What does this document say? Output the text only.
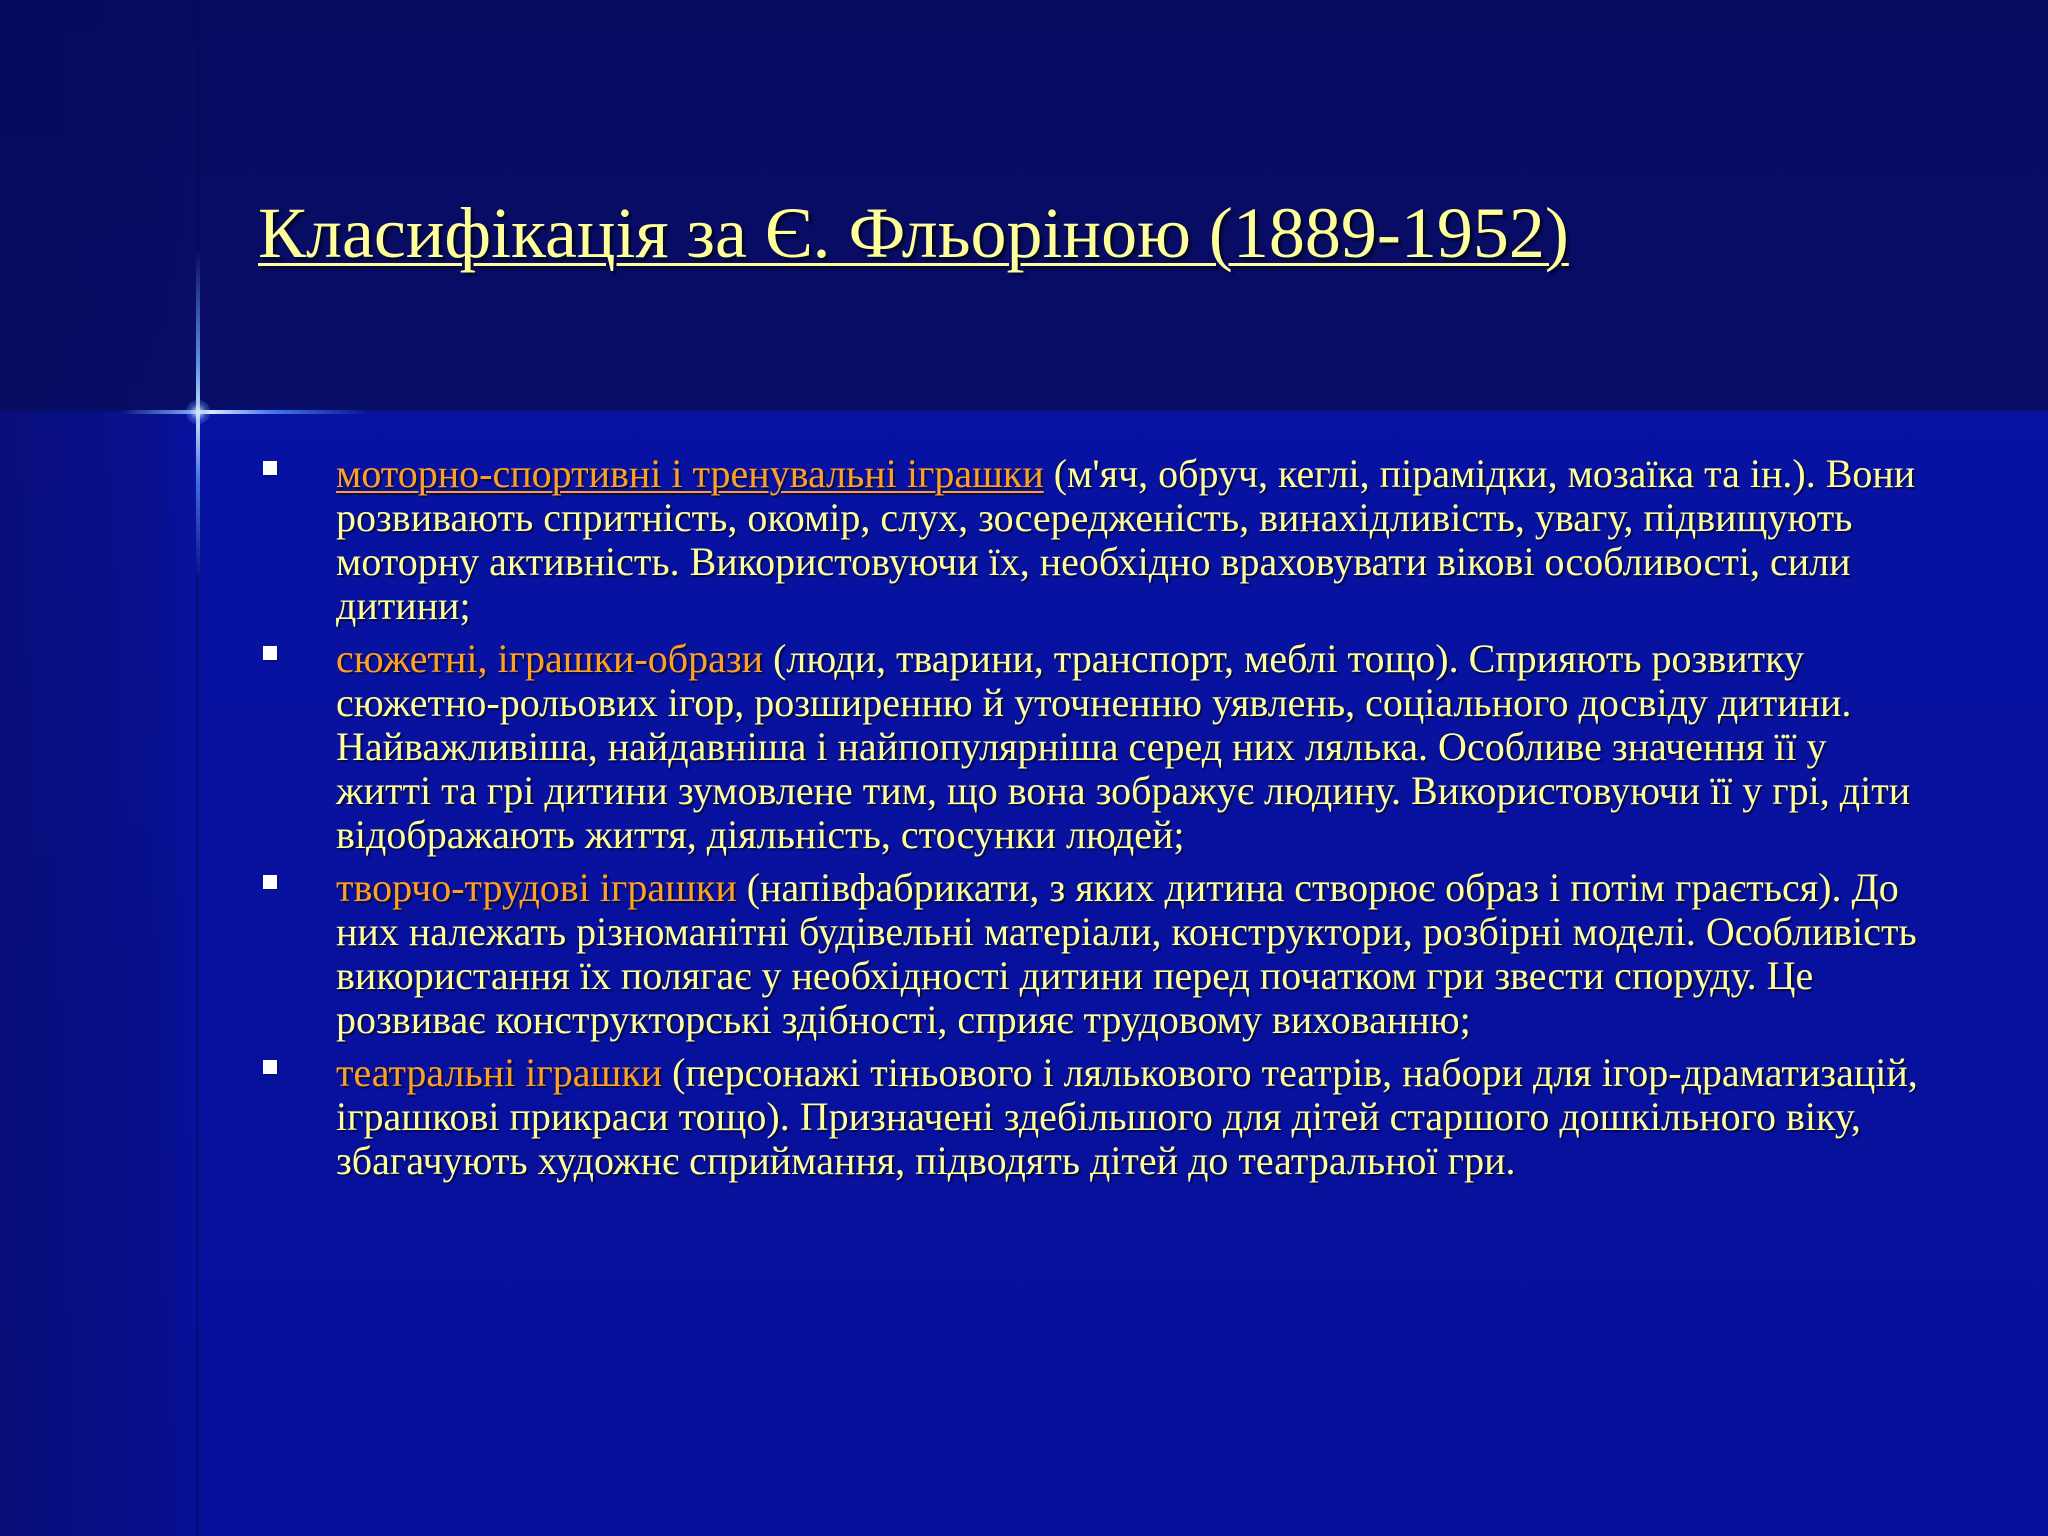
Класифікація за Є. Фльоріною (1889-1952)
моторно-спортивні і тренувальні іграшки (м'яч, обруч, кеглі, пірамідки, мозаїка та ін.). Вони розвивають спритність, окомір, слух, зосередженість, винахідливість, увагу, підвищують моторну активність. Використовуючи їх, необхідно враховувати вікові особливості, сили дитини;
сюжетні, іграшки-образи (люди, тварини, транспорт, меблі тощо). Сприяють розвитку сюжетно-рольових ігор, розширенню й уточненню уявлень, соціального досвіду дитини. Найважливіша, найдавніша і найпопулярніша серед них лялька. Особливе значення її у житті та грі дитини зумовлене тим, що вона зображує людину. Використовуючи її у грі, діти відображають життя, діяльність, стосунки людей;
творчо-трудові іграшки (напівфабрикати, з яких дитина створює образ і потім грається). До них належать різноманітні будівельні матеріали, конструктори, розбірні моделі. Особливість використання їх полягає у необхідності дитини перед початком гри звести споруду. Це розвиває конструкторські здібності, сприяє трудовому вихованню;
театральні іграшки (персонажі тіньового і лялькового театрів, набори для ігор-драматизацій, іграшкові прикраси тощо). Призначені здебільшого для дітей старшого дошкільного віку, збагачують художнє сприймання, підводять дітей до театральної гри.
